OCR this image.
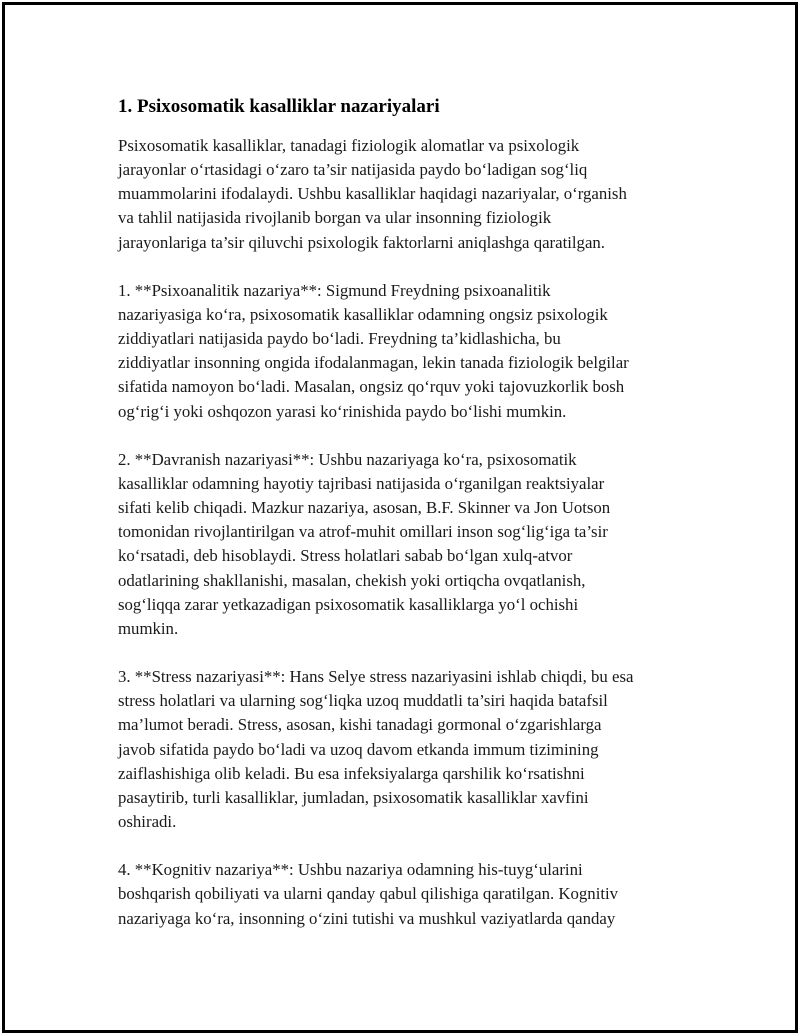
1. Psixosomatik kasalliklar nazariyalari
Psixosomatik kasalliklar, tanadagi fiziologik alomatlar va psixologik
jarayonlar o‘rtasidagi o‘zaro ta’sir natijasida paydo bo‘ladigan sog‘liq
muammolarini ifodalaydi. Ushbu kasalliklar haqidagi nazariyalar, o‘rganish
va tahlil natijasida rivojlanib borgan va ular insonning fiziologik
jarayonlariga ta’sir qiluvchi psixologik faktorlarni aniqlashga qaratilgan.
1. **Psixoanalitik nazariya**: Sigmund Freydning psixoanalitik
nazariyasiga ko‘ra, psixosomatik kasalliklar odamning ongsiz psixologik
ziddiyatlari natijasida paydo bo‘ladi. Freydning ta’kidlashicha, bu
ziddiyatlar insonning ongida ifodalanmagan, lekin tanada fiziologik belgilar
sifatida namoyon bo‘ladi. Masalan, ongsiz qo‘rquv yoki tajovuzkorlik bosh
og‘rig‘i yoki oshqozon yarasi ko‘rinishida paydo bo‘lishi mumkin.
2. **Davranish nazariyasi**: Ushbu nazariyaga ko‘ra, psixosomatik
kasalliklar odamning hayotiy tajribasi natijasida o‘rganilgan reaktsiyalar
sifati kelib chiqadi. Mazkur nazariya, asosan, B.F. Skinner va Jon Uotson
tomonidan rivojlantirilgan va atrof-muhit omillari inson sog‘lig‘iga ta’sir
ko‘rsatadi, deb hisoblaydi. Stress holatlari sabab bo‘lgan xulq-atvor
odatlarining shakllanishi, masalan, chekish yoki ortiqcha ovqatlanish,
sog‘liqqa zarar yetkazadigan psixosomatik kasalliklarga yo‘l ochishi
mumkin.
3. **Stress nazariyasi**: Hans Selye stress nazariyasini ishlab chiqdi, bu esa
stress holatlari va ularning sog‘liqka uzoq muddatli ta’siri haqida batafsil
ma’lumot beradi. Stress, asosan, kishi tanadagi gormonal o‘zgarishlarga
javob sifatida paydo bo‘ladi va uzoq davom etkanda immum tizimining
zaiflashishiga olib keladi. Bu esa infeksiyalarga qarshilik ko‘rsatishni
pasaytirib, turli kasalliklar, jumladan, psixosomatik kasalliklar xavfini
oshiradi.
4. **Kognitiv nazariya**: Ushbu nazariya odamning his-tuyg‘ularini
boshqarish qobiliyati va ularni qanday qabul qilishiga qaratilgan. Kognitiv
nazariyaga ko‘ra, insonning o‘zini tutishi va mushkul vaziyatlarda qanday
